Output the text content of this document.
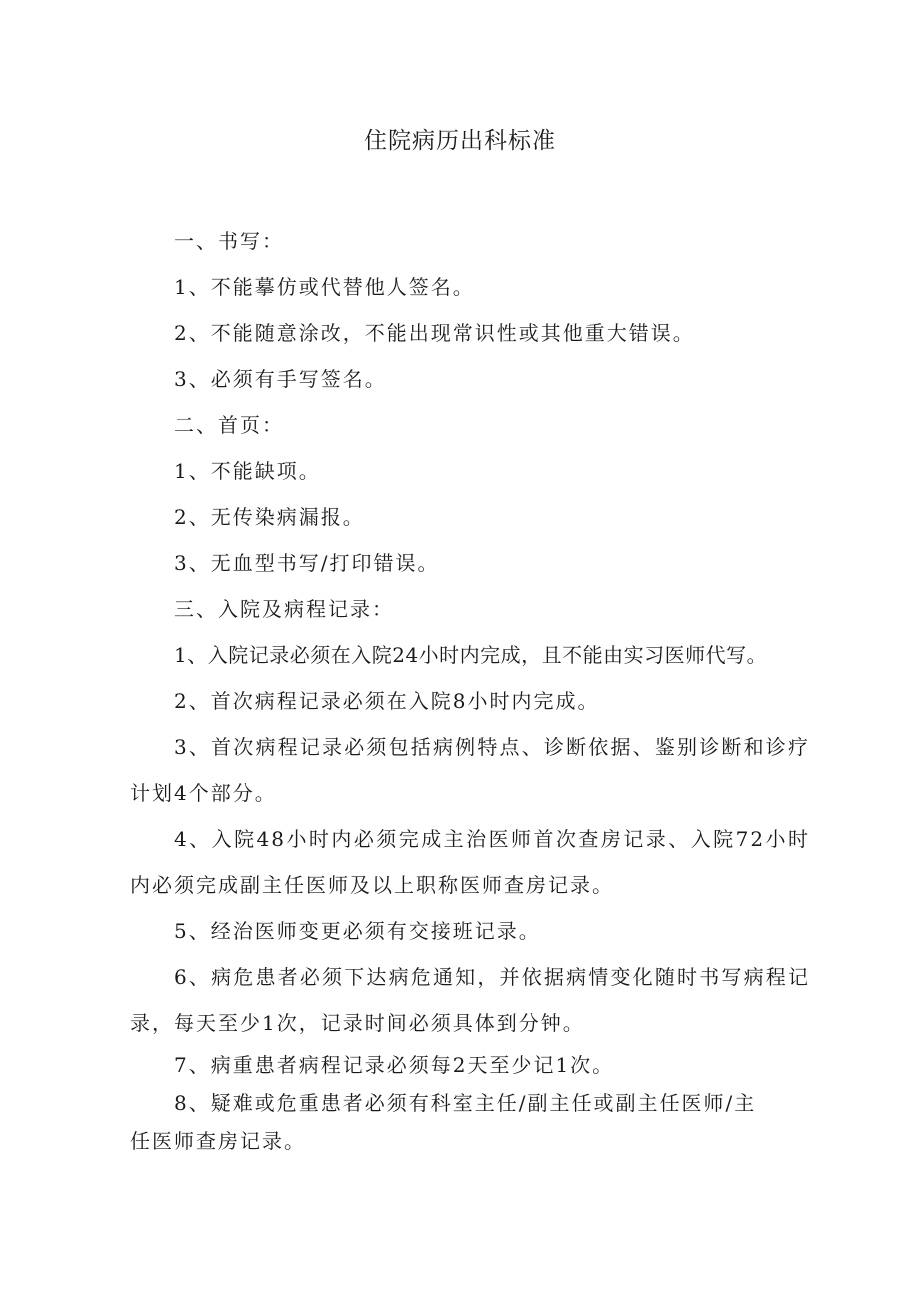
住院病历出科标准

一、书写：

1、不能摹仿或代替他人签名。

2、不能随意涂改，不能出现常识性或其他重大错误。

3、必须有手写签名。

二、首页：

1、不能缺项。

2、无传染病漏报。

3、无血型书写/打印错误。

三、入院及病程记录：

1、入院记录必须在入院24小时内完成，且不能由实习医师代写。

2、首次病程记录必须在入院8小时内完成。

3、首次病程记录必须包括病例特点、诊断依据、鉴别诊断和诊疗计划4个部分。

4、入院48小时内必须完成主治医师首次查房记录、入院72小时内必须完成副主任医师及以上职称医师查房记录。

5、经治医师变更必须有交接班记录。

6、病危患者必须下达病危通知，并依据病情变化随时书写病程记录，每天至少1次，记录时间必须具体到分钟。

7、病重患者病程记录必须每2天至少记1次。

8、疑难或危重患者必须有科室主任/副主任或副主任医师/主任医师查房记录。
